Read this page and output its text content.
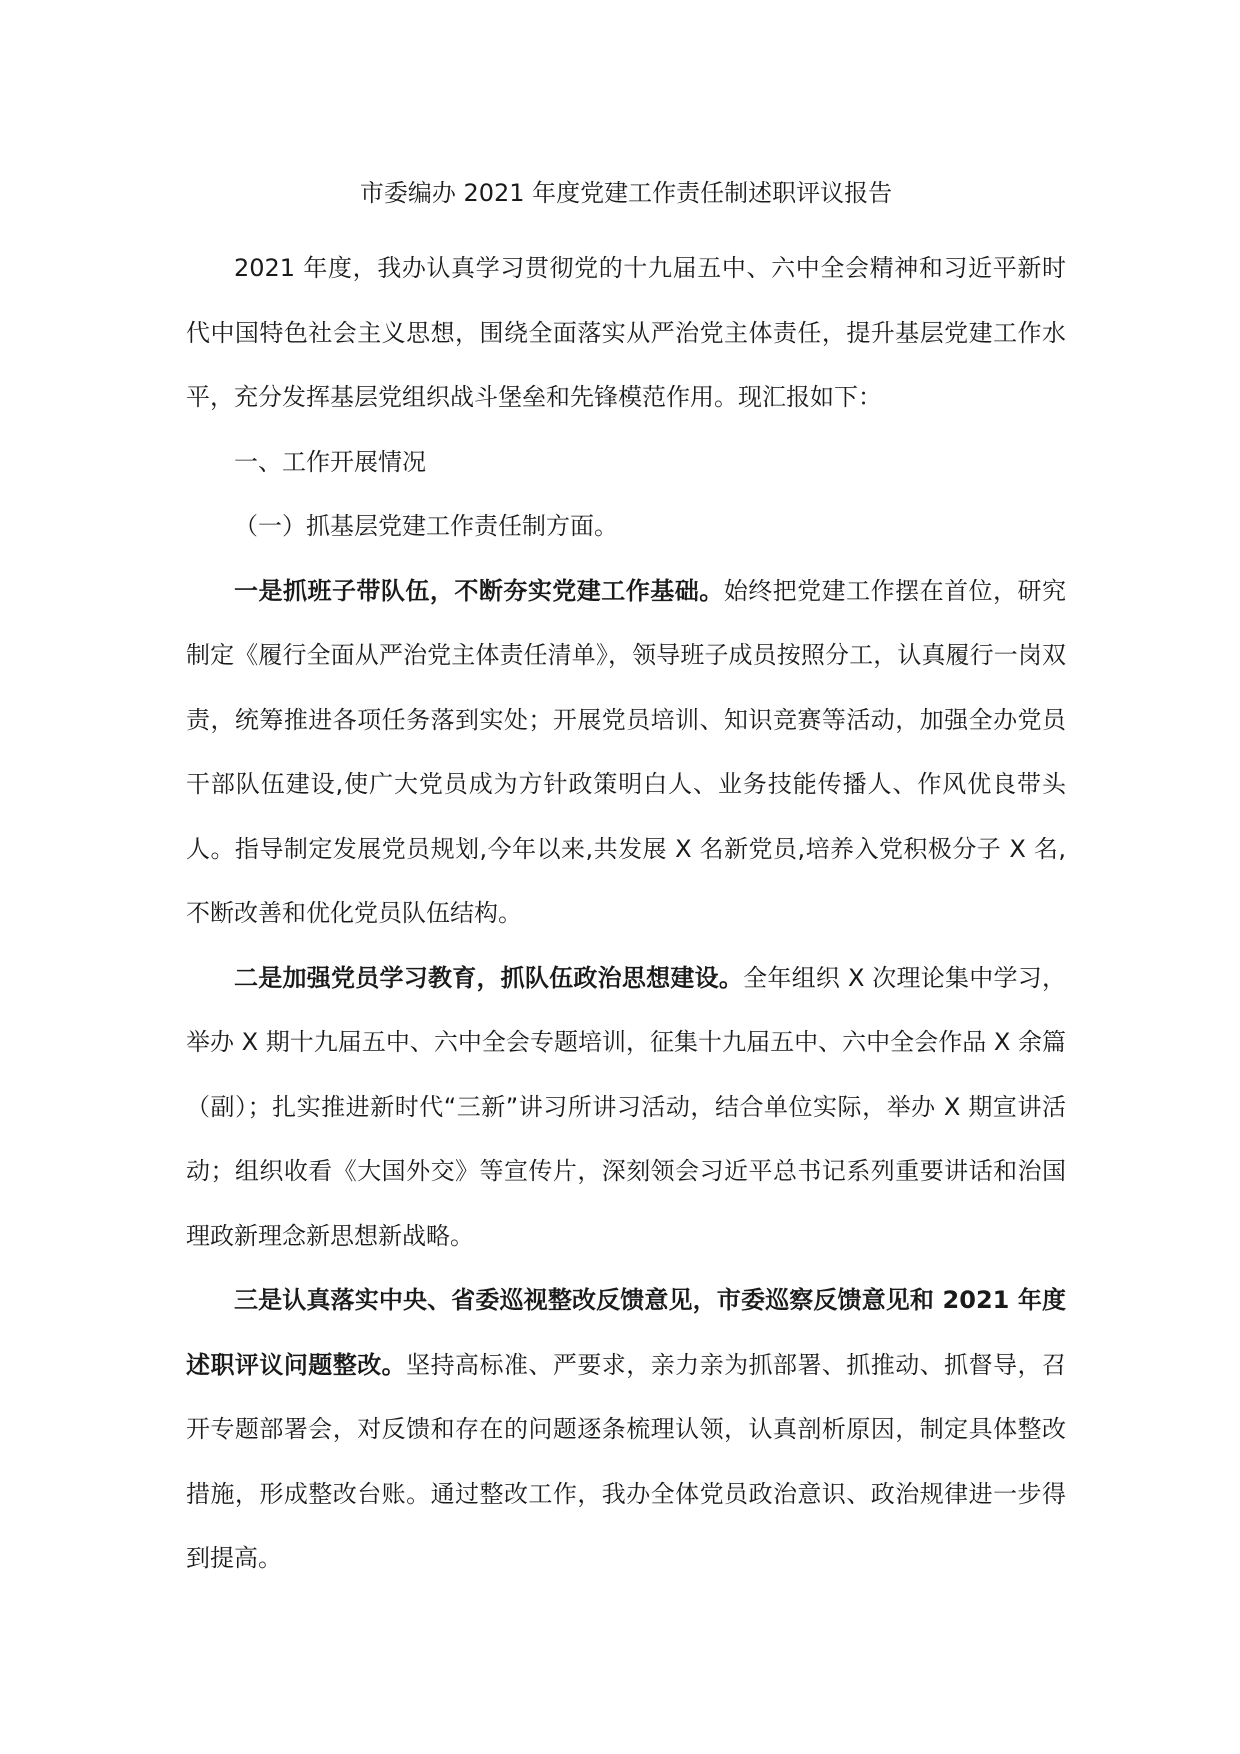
市委编办 2021 年度党建工作责任制述职评议报告

2021 年度，我办认真学习贯彻党的十九届五中、六中全会精神和习近平新时代中国特色社会主义思想，围绕全面落实从严治党主体责任，提升基层党建工作水平，充分发挥基层党组织战斗堡垒和先锋模范作用。现汇报如下：

一、工作开展情况

（一）抓基层党建工作责任制方面。

一是抓班子带队伍，不断夯实党建工作基础。始终把党建工作摆在首位，研究制定《履行全面从严治党主体责任清单》，领导班子成员按照分工，认真履行一岗双责，统筹推进各项任务落到实处；开展党员培训、知识竞赛等活动，加强全办党员干部队伍建设,使广大党员成为方针政策明白人、业务技能传播人、作风优良带头人。指导制定发展党员规划,今年以来,共发展 X 名新党员,培养入党积极分子 X 名,不断改善和优化党员队伍结构。

二是加强党员学习教育，抓队伍政治思想建设。全年组织 X 次理论集中学习，举办 X 期十九届五中、六中全会专题培训，征集十九届五中、六中全会作品 X 余篇（副）；扎实推进新时代“三新”讲习所讲习活动，结合单位实际，举办 X 期宣讲活动；组织收看《大国外交》等宣传片，深刻领会习近平总书记系列重要讲话和治国理政新理念新思想新战略。

三是认真落实中央、省委巡视整改反馈意见，市委巡察反馈意见和 2021 年度述职评议问题整改。坚持高标准、严要求，亲力亲为抓部署、抓推动、抓督导，召开专题部署会，对反馈和存在的问题逐条梳理认领，认真剖析原因，制定具体整改措施，形成整改台账。通过整改工作，我办全体党员政治意识、政治规律进一步得到提高。
